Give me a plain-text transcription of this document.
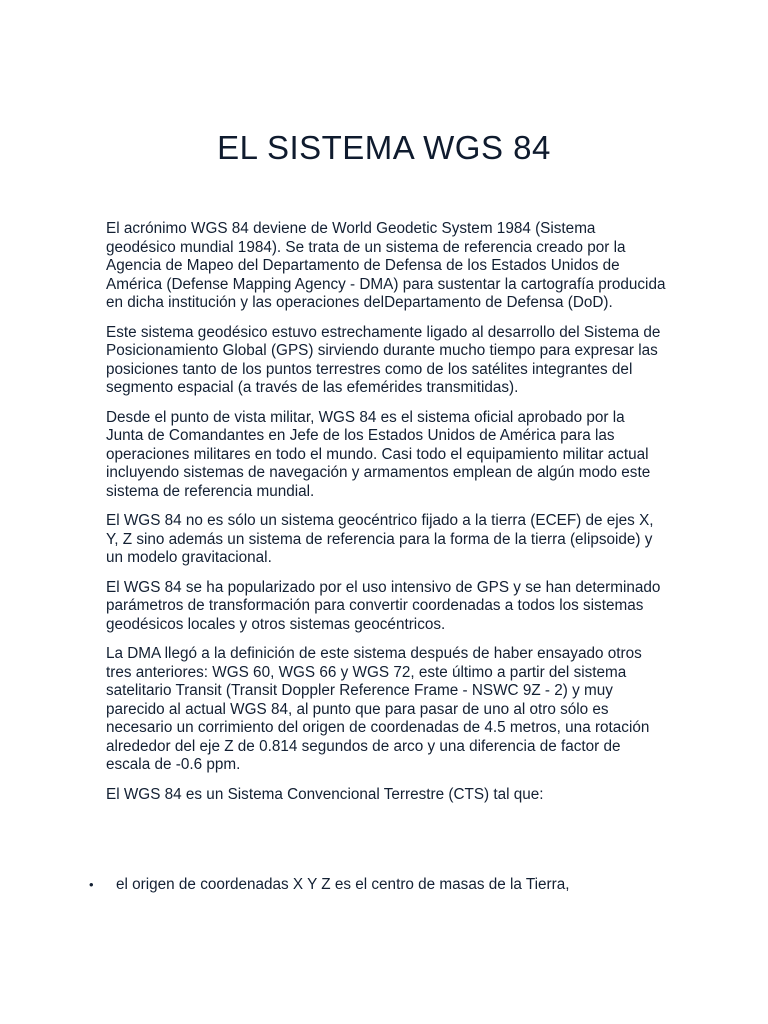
EL SISTEMA WGS 84

El acrónimo WGS 84 deviene de World Geodetic System 1984 (Sistema geodésico mundial 1984). Se trata de un sistema de referencia creado por la Agencia de Mapeo del Departamento de Defensa de los Estados Unidos de América (Defense Mapping Agency - DMA) para sustentar la cartografía producida en dicha institución y las operaciones delDepartamento de Defensa (DoD).

Este sistema geodésico estuvo estrechamente ligado al desarrollo del Sistema de
Posicionamiento Global (GPS) sirviendo durante mucho tiempo para expresar las posiciones tanto de los puntos terrestres como de los satélites integrantes del segmento espacial (a través de las efemérides transmitidas).

Desde el punto de vista militar, WGS 84 es el sistema oficial aprobado por la Junta de Comandantes en Jefe de los Estados Unidos de América para las operaciones militares en todo el mundo. Casi todo el equipamiento militar actual incluyendo sistemas de navegación y armamentos emplean de algún modo este sistema de referencia mundial.

El WGS 84 no es sólo un sistema geocéntrico fijado a la tierra (ECEF) de ejes X, Y, Z sino además un sistema de referencia para la forma de la tierra (elipsoide) y un modelo gravitacional.

El WGS 84 se ha popularizado por el uso intensivo de GPS y se han determinado parámetros de transformación para convertir coordenadas a todos los sistemas geodésicos locales y otros sistemas geocéntricos.

La DMA llegó a la definición de este sistema después de haber ensayado otros tres anteriores: WGS 60, WGS 66 y WGS 72, este último a partir del sistema satelitario Transit (Transit Doppler Reference Frame - NSWC 9Z - 2) y muy parecido al actual WGS 84, al punto que para pasar de uno al otro sólo es necesario un corrimiento del origen de coordenadas de 4.5 metros, una rotación alrededor del eje Z de 0.814 segundos de arco y una diferencia de factor de escala de -0.6 ppm.

El WGS 84 es un Sistema Convencional Terrestre (CTS) tal que:

• el origen de coordenadas X Y Z es el centro de masas de la Tierra,
